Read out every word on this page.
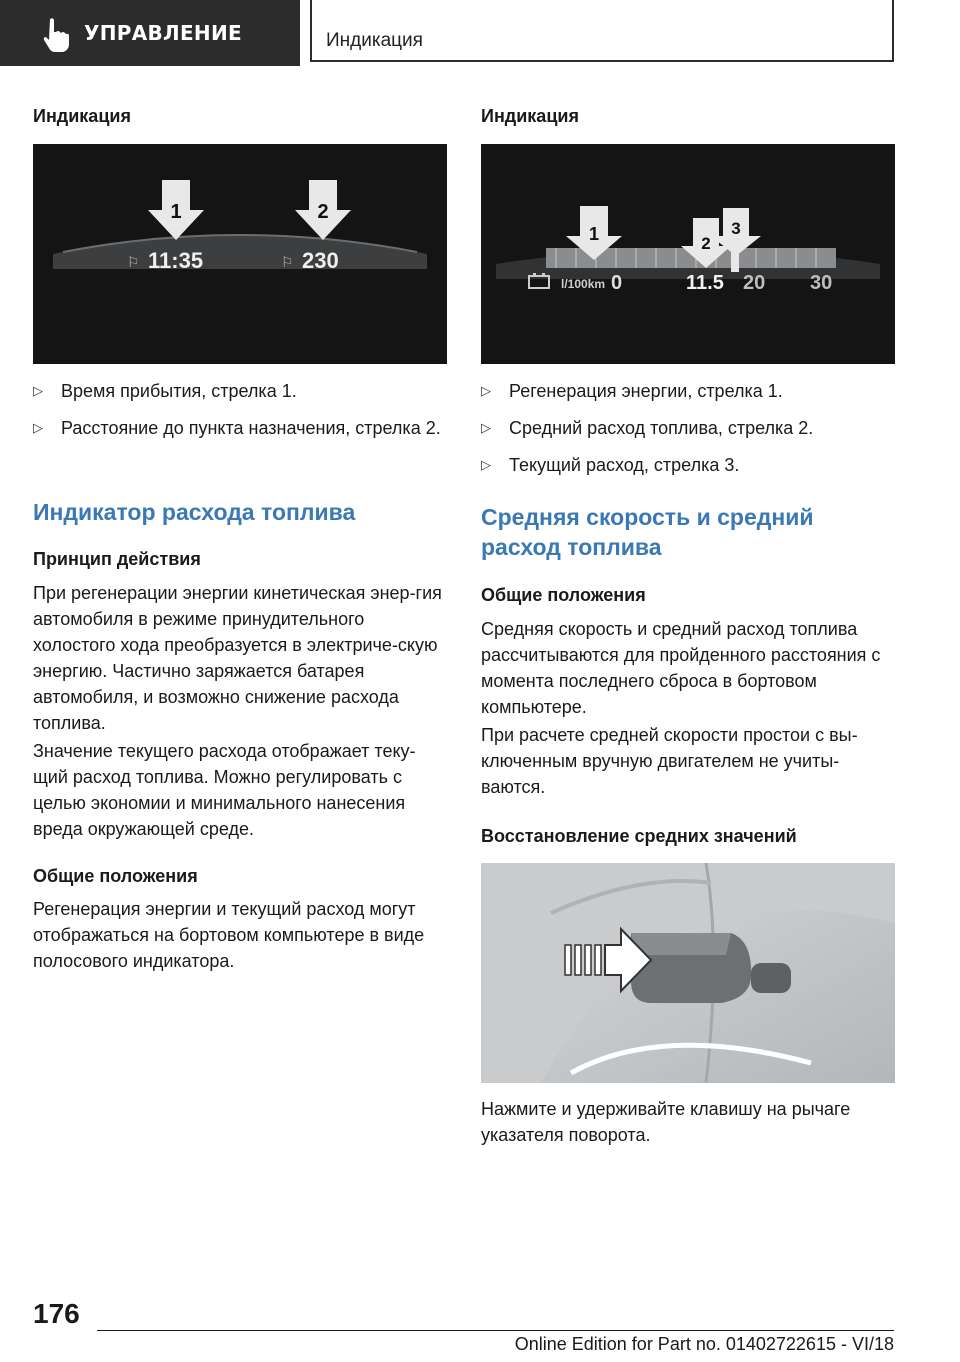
УПРАВЛЕНИЕ	Индикация

Индикация

1	2
⚐ 11:35	⚐ 230
▷ Время прибытия, стрелка 1.
▷ Расстояние до пункта назначения, стрелка 2.
Индикатор расхода топлива
Принцип действия

При регенерации энергии кинетическая энер-гия автомобиля в режиме принудительного холостого хода преобразуется в электриче-скую энергию. Частично заряжается батарея автомобиля, и возможно снижение расхода топлива.

Значение текущего расхода отображает теку-щий расход топлива. Можно регулировать с целью экономии и минимального нанесения вреда окружающей среде.

Общие положения

Регенерация энергии и текущий расход могут отображаться на бортовом компьютере в виде полосового индикатора.

Индикация

1	2
3
l/100km 0	11.5 20 30
▷ Регенерация энергии, стрелка 1.
▷ Средний расход топлива, стрелка 2.
▷ Текущий расход, стрелка 3.
Средняя скорость и средний расход топлива
Общие положения

Средняя скорость и средний расход топлива рассчитываются для пройденного расстояния с момента последнего сброса в бортовом компьютере.

При расчете средней скорости простои с вы-ключенным вручную двигателем не учиты-ваются.

Восстановление средних значений

Нажмите и удерживайте клавишу на рычаге указателя поворота.

176
Online Edition for Part no. 01402722615 - VI/18
